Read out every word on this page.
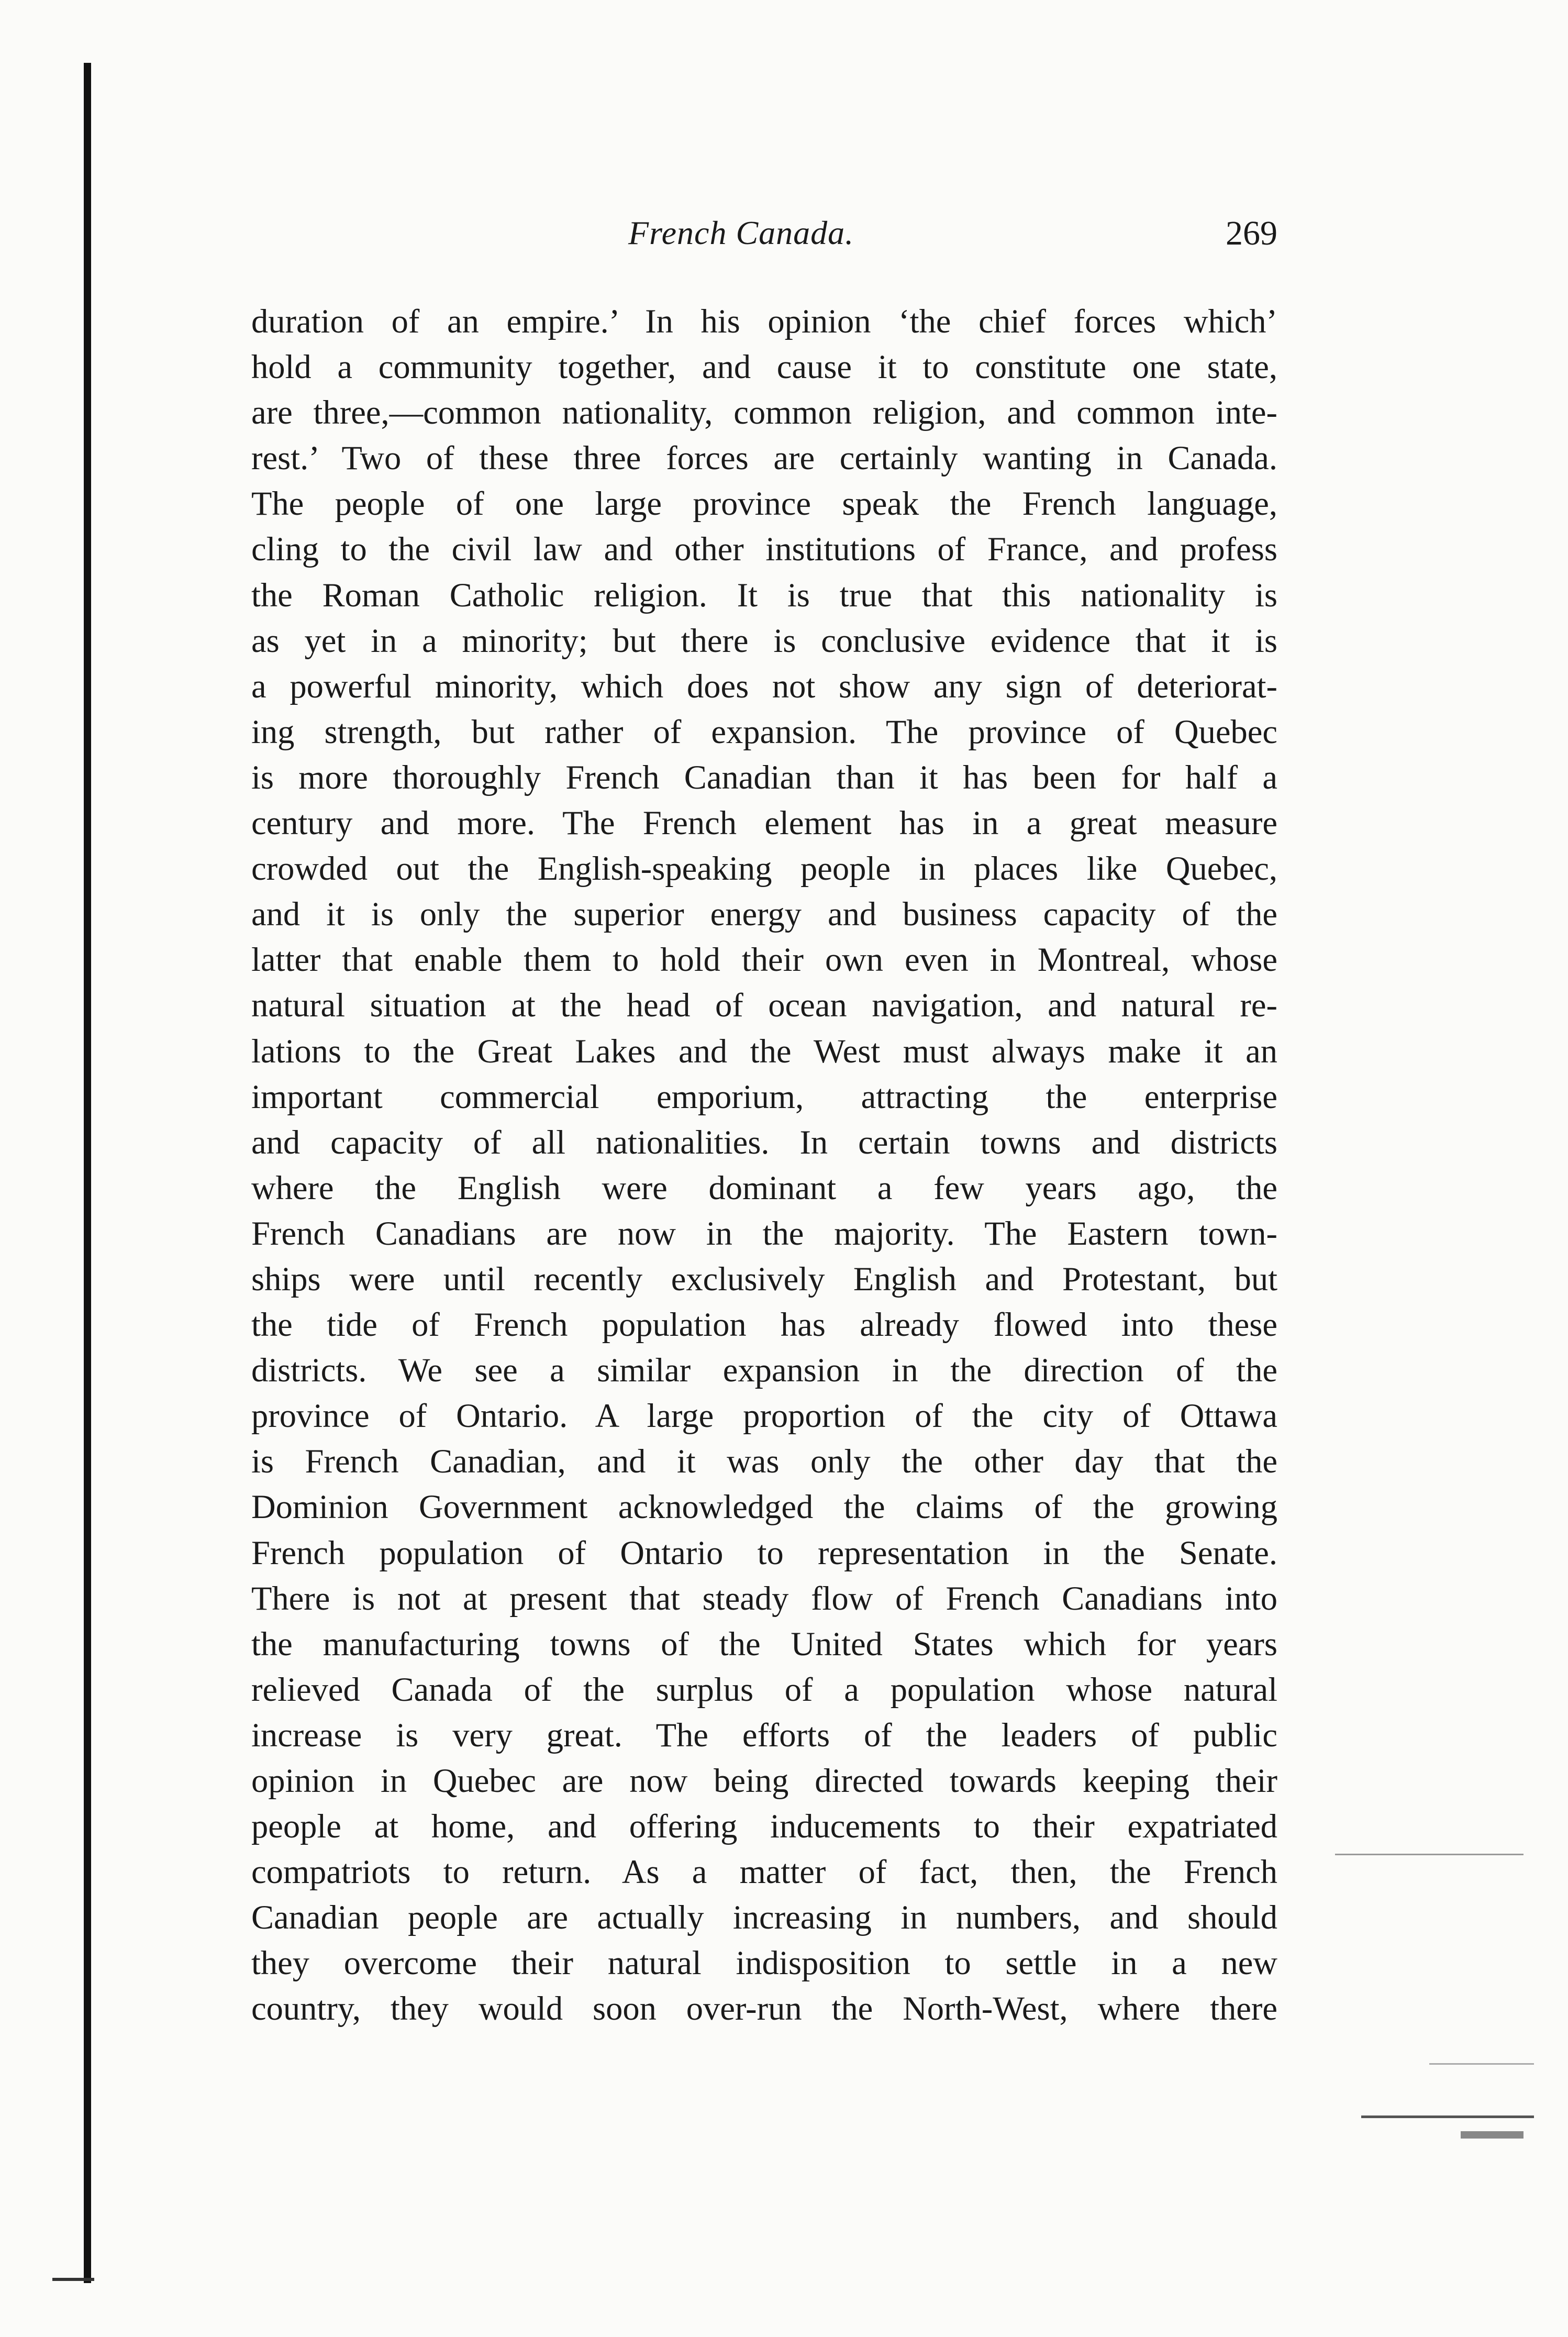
French Canada.	269

duration of an empire.’ In his opinion ‘the chief forces which’
hold a community together, and cause it to constitute one state,
are three,—common nationality, common religion, and common inte-
rest.’ Two of these three forces are certainly wanting in Canada.
The people of one large province speak the French language,
cling to the civil law and other institutions of France, and profess
the Roman Catholic religion. It is true that this nationality is
as yet in a minority; but there is conclusive evidence that it is
a powerful minority, which does not show any sign of deteriorat-
ing strength, but rather of expansion. The province of Quebec
is more thoroughly French Canadian than it has been for half a
century and more. The French element has in a great measure
crowded out the English-speaking people in places like Quebec,
and it is only the superior energy and business capacity of the
latter that enable them to hold their own even in Montreal, whose
natural situation at the head of ocean navigation, and natural re-
lations to the Great Lakes and the West must always make it an
important commercial emporium, attracting the enterprise
and capacity of all nationalities. In certain towns and districts
where the English were dominant a few years ago, the
French Canadians are now in the majority. The Eastern town-
ships were until recently exclusively English and Protestant, but
the tide of French population has already flowed into these
districts. We see a similar expansion in the direction of the
province of Ontario. A large proportion of the city of Ottawa
is French Canadian, and it was only the other day that the
Dominion Government acknowledged the claims of the growing
French population of Ontario to representation in the Senate.
There is not at present that steady flow of French Canadians into
the manufacturing towns of the United States which for years
relieved Canada of the surplus of a population whose natural
increase is very great. The efforts of the leaders of public
opinion in Quebec are now being directed towards keeping their
people at home, and offering inducements to their expatriated
compatriots to return. As a matter of fact, then, the French
Canadian people are actually increasing in numbers, and should
they overcome their natural indisposition to settle in a new
country, they would soon over-run the North-West, where there
